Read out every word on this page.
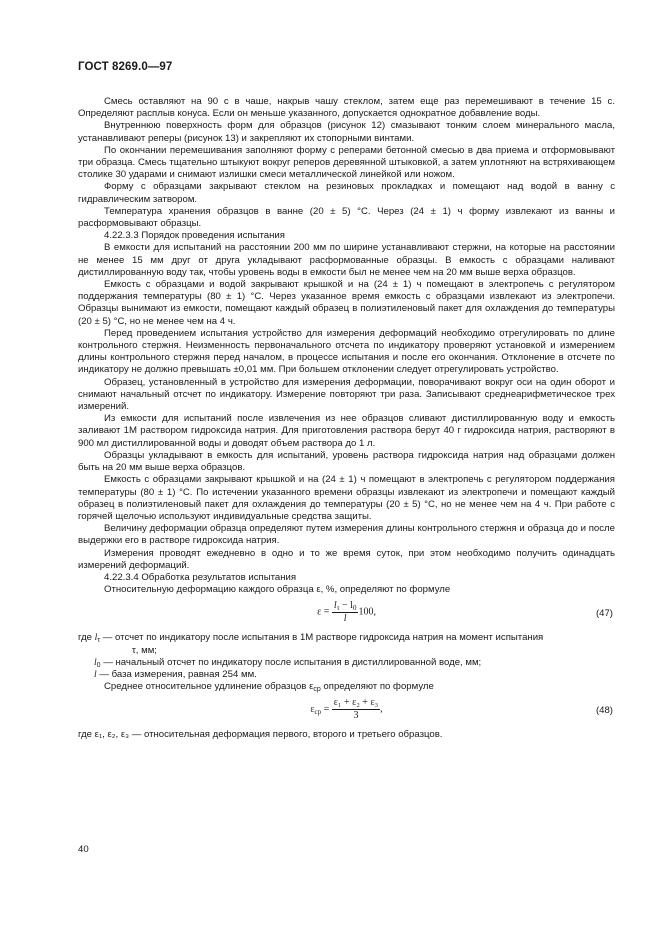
ГОСТ 8269.0—97

Смесь оставляют на 90 с в чаше, накрыв чашу стеклом, затем еще раз перемешивают в течение 15 с. Определяют расплыв конуса. Если он меньше указанного, допускается однократное добавление воды.

Внутреннюю поверхность форм для образцов (рисунок 12) смазывают тонким слоем минерального масла, устанавливают реперы (рисунок 13) и закрепляют их стопорными винтами.

По окончании перемешивания заполняют форму с реперами бетонной смесью в два приема и отформовывают три образца. Смесь тщательно штыкуют вокруг реперов деревянной штыковкой, а затем уплотняют на встряхивающем столике 30 ударами и снимают излишки смеси металлической линейкой или ножом.

Форму с образцами закрывают стеклом на резиновых прокладках и помещают над водой в ванну с гидравлическим затвором.

Температура хранения образцов в ванне (20 ± 5) °С. Через (24 ± 1) ч форму извлекают из ванны и расформовывают образцы.

4.22.3.3 Порядок проведения испытания

В емкости для испытаний на расстоянии 200 мм по ширине устанавливают стержни, на которые на расстоянии не менее 15 мм друг от друга укладывают расформованные образцы. В емкость с образцами наливают дистиллированную воду так, чтобы уровень воды в емкости был не менее чем на 20 мм выше верха образцов.

Емкость с образцами и водой закрывают крышкой и на (24 ± 1) ч помещают в электропечь с регулятором поддержания температуры (80 ± 1) °С. Через указанное время емкость с образцами извлекают из электропечи. Образцы вынимают из емкости, помещают каждый образец в полиэтиленовый пакет для охлаждения до температуры (20 ± 5) °С, но не менее чем на 4 ч.

Перед проведением испытания устройство для измерения деформаций необходимо отрегулировать по длине контрольного стержня. Неизменность первоначального отсчета по индикатору проверяют установкой и измерением длины контрольного стержня перед началом, в процессе испытания и после его окончания. Отклонение в отсчете по индикатору не должно превышать ±0,01 мм. При большем отклонении следует отрегулировать устройство.

Образец, установленный в устройство для измерения деформации, поворачивают вокруг оси на один оборот и снимают начальный отсчет по индикатору. Измерение повторяют три раза. Записывают среднеарифметическое трех измерений.

Из емкости для испытаний после извлечения из нее образцов сливают дистиллированную воду и емкость заливают 1М раствором гидроксида натрия. Для приготовления раствора берут 40 г гидроксида натрия, растворяют в 900 мл дистиллированной воды и доводят объем раствора до 1 л.

Образцы укладывают в емкость для испытаний, уровень раствора гидроксида натрия над образцами должен быть на 20 мм выше верха образцов.

Емкость с образцами закрывают крышкой и на (24 ± 1) ч помещают в электропечь с регулятором поддержания температуры (80 ± 1) °С. По истечении указанного времени образцы извлекают из электропечи и помещают каждый образец в полиэтиленовый пакет для охлаждения до температуры (20 ± 5) °С, но не менее чем на 4 ч. При работе с горячей щелочью используют индивидуальные средства защиты.

Величину деформации образца определяют путем измерения длины контрольного стержня и образца до и после выдержки его в растворе гидроксида натрия.

Измерения проводят ежедневно в одно и то же время суток, при этом необходимо получить одинадцать измерений деформаций.

4.22.3.4 Обработка результатов испытания

Относительную деформацию каждого образца ε, %, определяют по формуле

$\varepsilon = \frac{l_\tau - l_0}{l} 100$,	(47)
где $l_\tau$ — отсчет по индикатору после испытания в 1М растворе гидроксида натрия на момент испытания
τ, мм;
$l_0$ — начальный отсчет по индикатору после испытания в дистиллированной воде, мм;
l — база измерения, равная 254 мм.

Среднее относительное удлинение образцов $\varepsilon_{ср}$ определяют по формуле

$\varepsilon_{ср} = \frac{\text{ε₁ + ε₂ + ε₃}}{3}$ ,	(48)

где ε₁, ε₂, ε₃ — относительная деформация первого, второго и третьего образцов.

40
